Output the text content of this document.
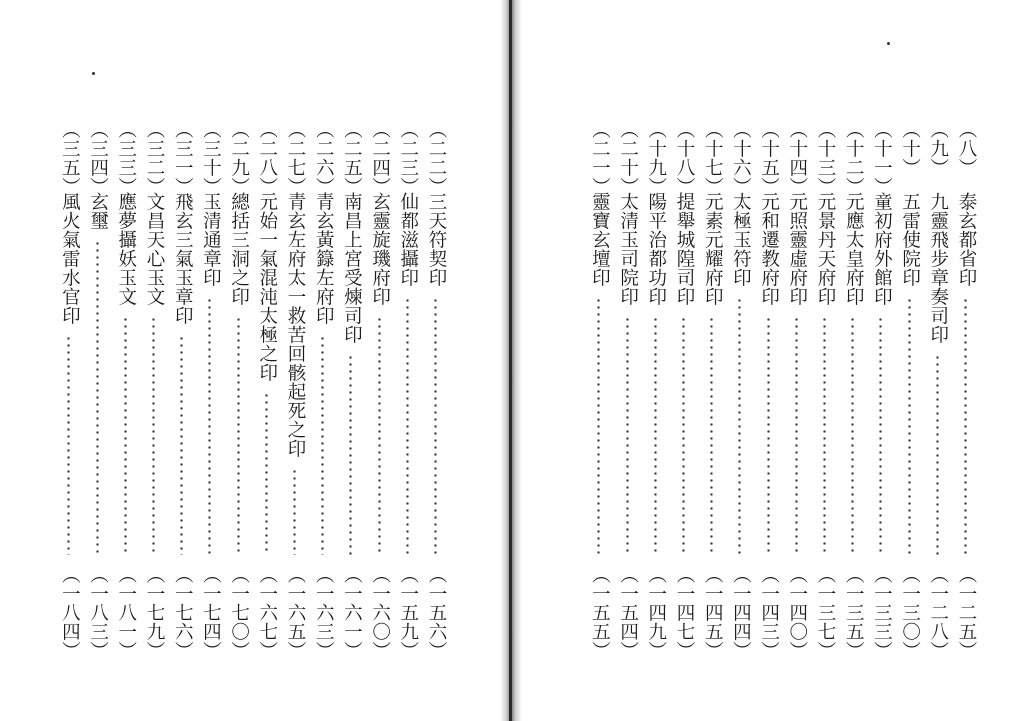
（二二）
三天符契印
（一五六）
（二三）
仙都滋攝印
（一五九）
（二四）
玄靈旋璣府印
（一六〇）
（二五）
南昌上宮受煉司印
（一六一）
（二六）
青玄黃籙左府印
（一六三）
（二七）
青玄左府太一救苦回骸起死之印
（一六五）
（二八）
元始一氣混沌太極之印
（一六七）
（二九）
總括三洞之印
（一七〇）
（三十）
玉清通章印
（一七四）
（三一）
飛玄三氣玉章印
（一七六）
（三二）
文昌天心玉文
（一七九）
（三三）
應夢攝妖玉文
（一八一）
（三四）
玄璽
（一八三）
（三五）
風火氣雷水官印
（一八四）
（八）
泰玄都省印
（一二五）
（九）
九靈飛步章奏司印
（一二八）
（十）
五雷使院印
（一三〇）
（十一）
童初府外館印
（一三三）
（十二）
元應太皇府印
（一三五）
（十三）
元景丹天府印
（一三七）
（十四）
元照靈虛府印
（一四〇）
（十五）
元和遷教府印
（一四三）
（十六）
太極玉符印
（一四四）
（十七）
元素元耀府印
（一四五）
（十八）
提舉城隍司印
（一四七）
（十九）
陽平治都功印
（一四九）
（二十）
太清玉司院印
（一五四）
（二一）
靈寶玄壇印
（一五五）
